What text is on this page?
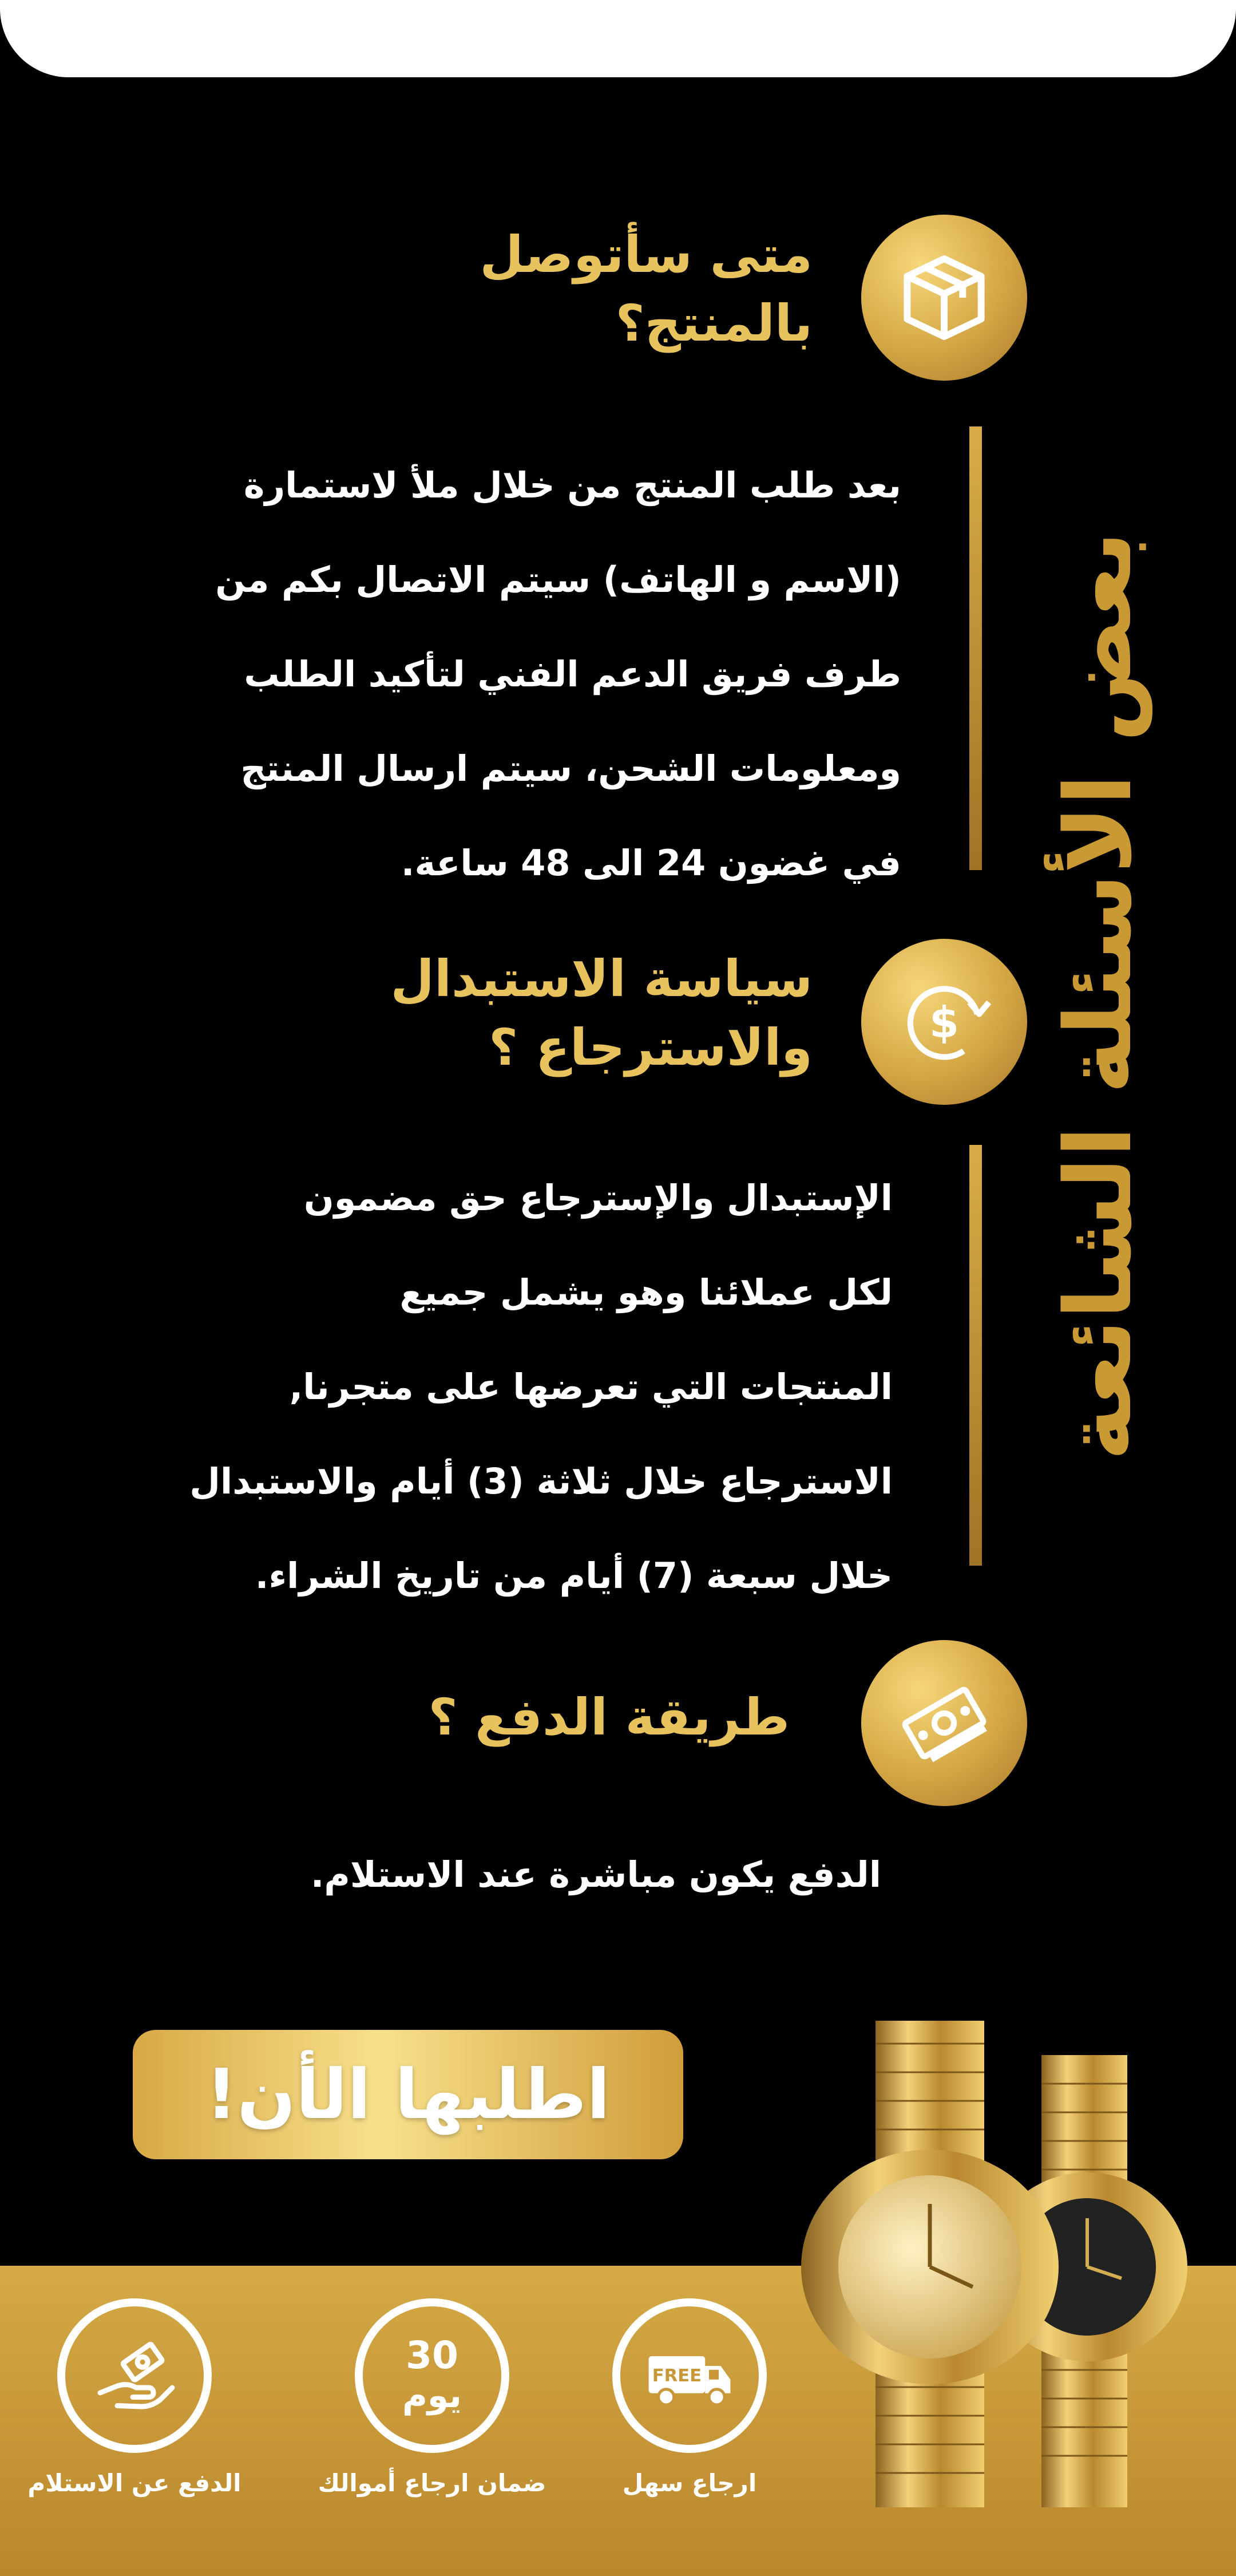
بعض الأسئلة الشائعة
متى سأتوصل
بالمنتج؟
بعد طلب المنتج من خلال ملأ لاستمارة
(الاسم و الهاتف) سيتم الاتصال بكم من
طرف فريق الدعم الفني لتأكيد الطلب
ومعلومات الشحن، سيتم ارسال المنتج
في غضون 24 الى 48 ساعة.
$
سياسة الاستبدال
والاسترجاع ؟
الإستبدال والإسترجاع حق مضمون
لكل عملائنا وهو يشمل جميع
المنتجات التي تعرضها على متجرنا,
الاسترجاع خلال ثلاثة (3) أيام والاستبدال
خلال سبعة (7) أيام من تاريخ الشراء.
طريقة الدفع ؟
الدفع يكون مباشرة عند الاستلام.
اطلبها الأن!
الدفع عن الاستلام
30
يوم
ضمان ارجاع أموالك
FREE
ارجاع سهل
